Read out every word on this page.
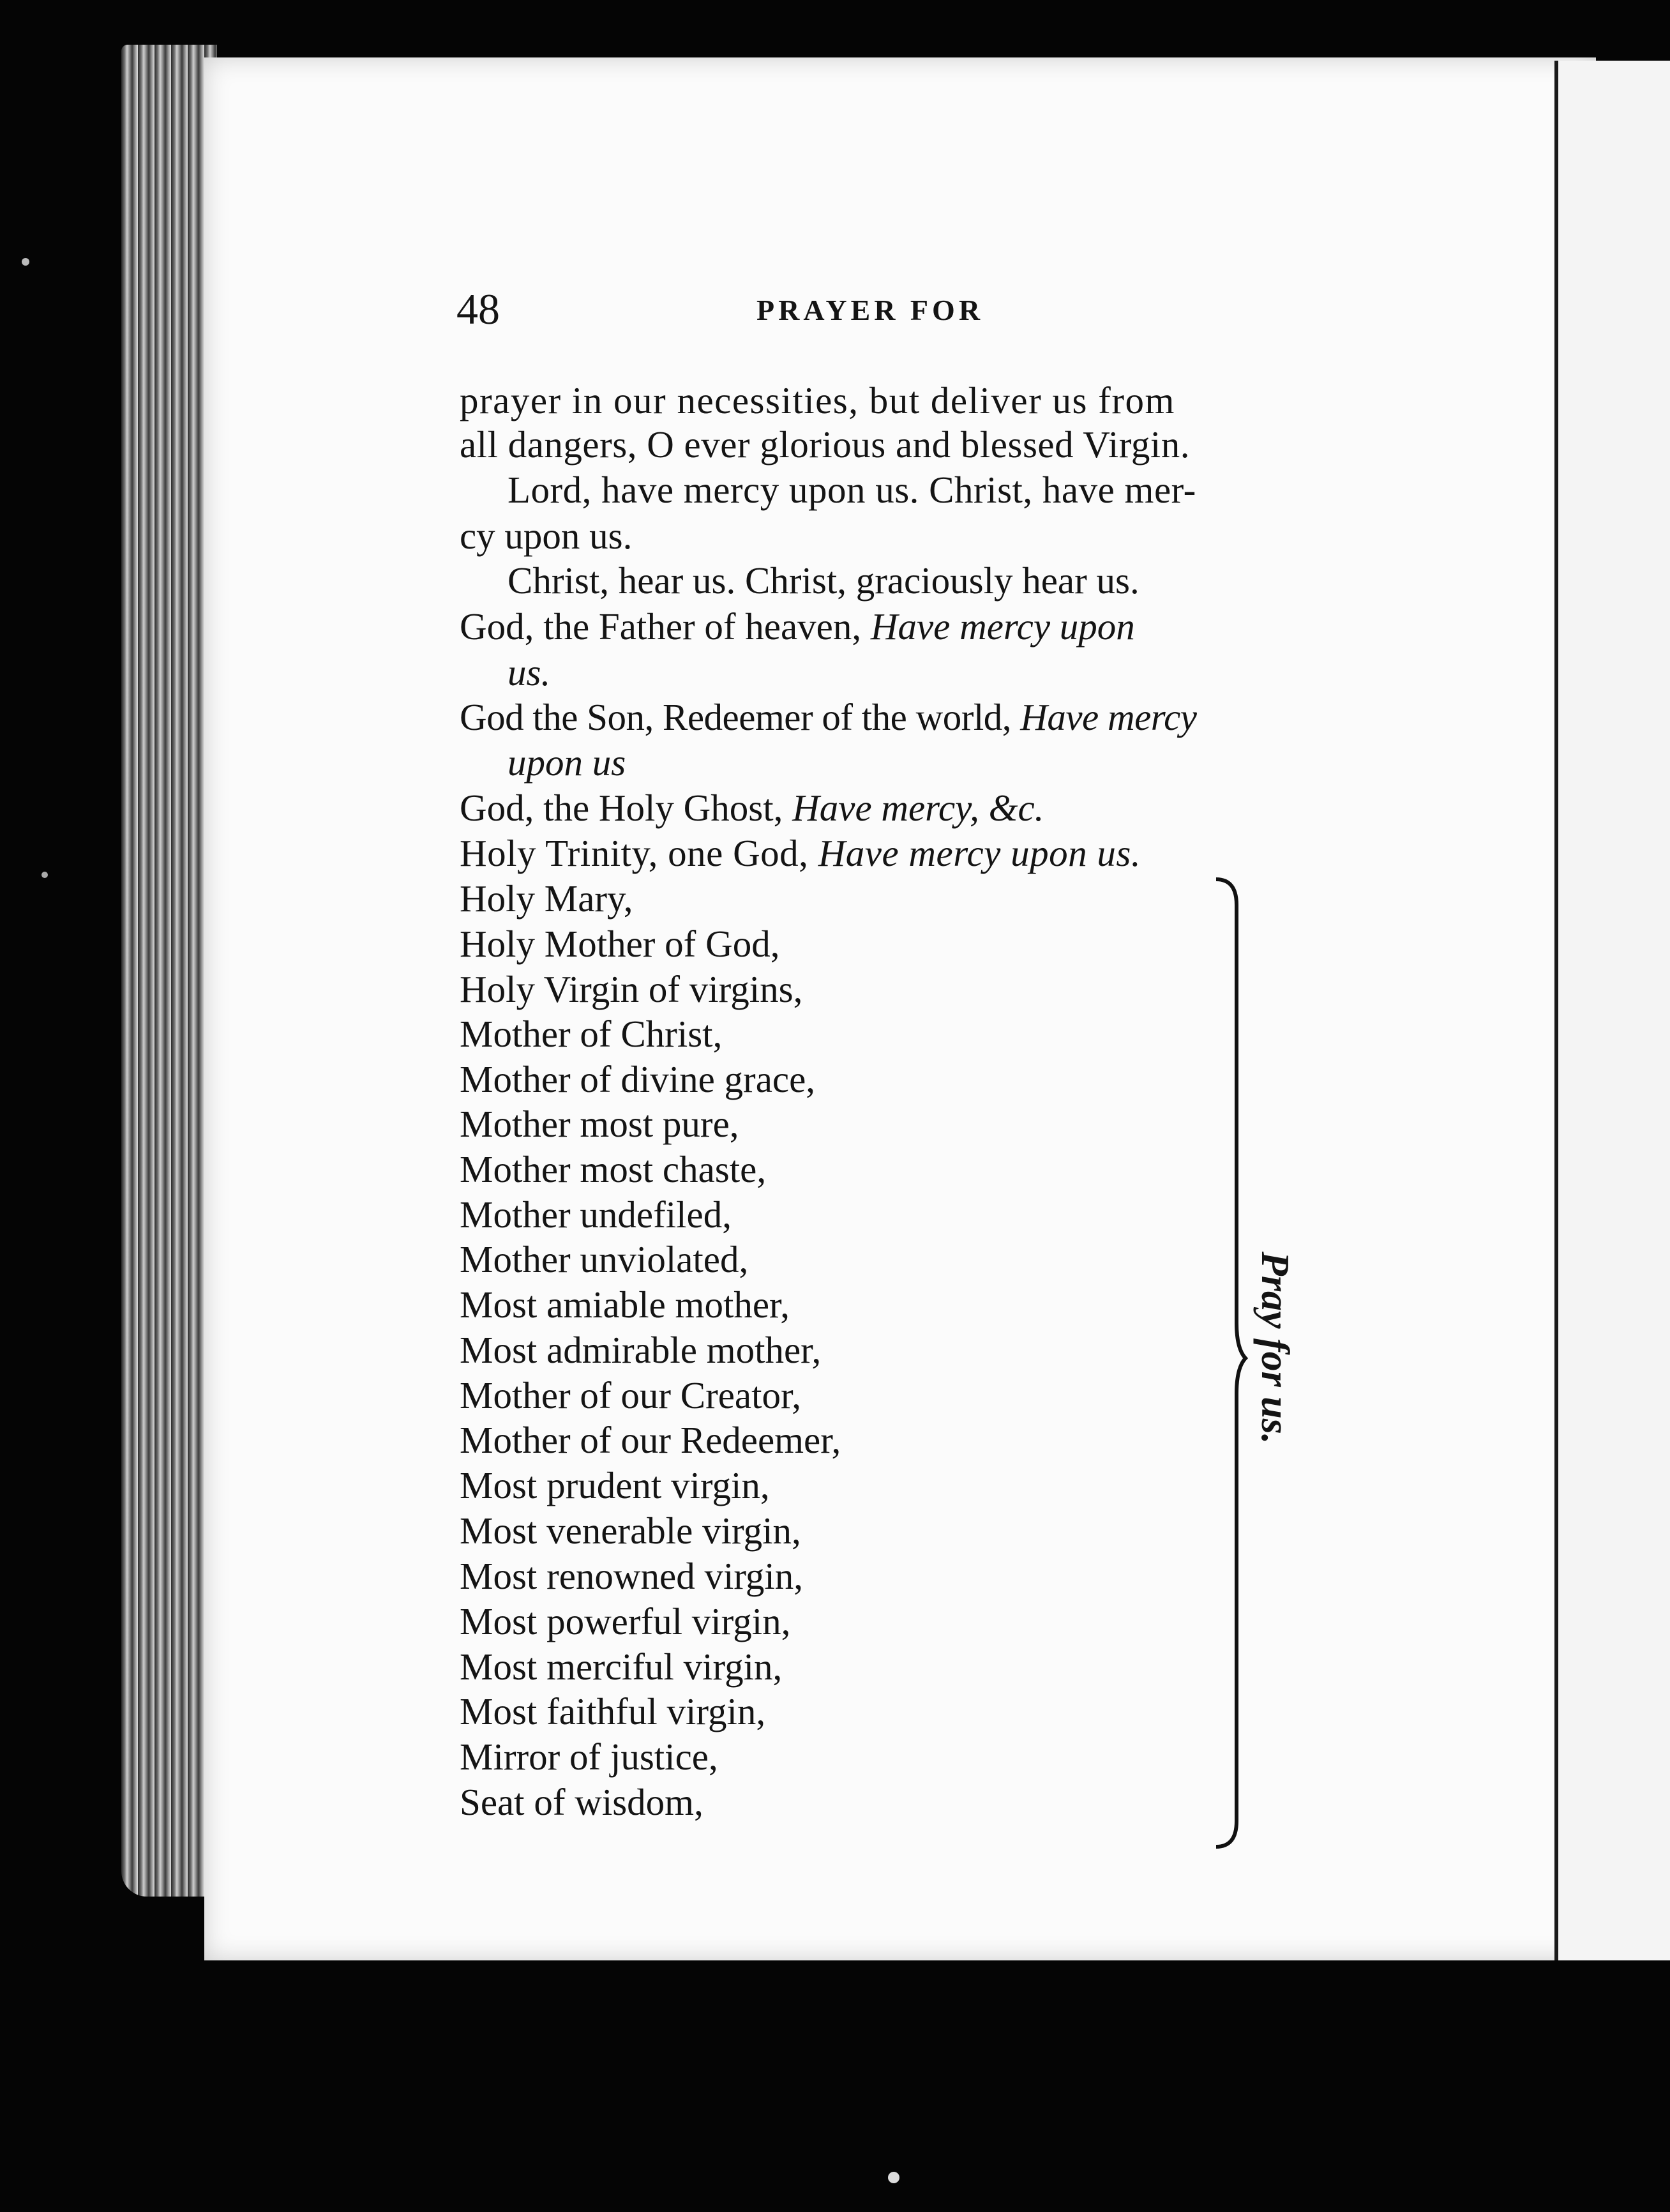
48	PRAYER FOR
prayer in our necessities, but deliver us from
all dangers, O ever glorious and blessed Virgin.
Lord, have mercy upon us. Christ, have mer-
cy upon us.
Christ, hear us. Christ, graciously hear us.
God, the Father of heaven, Have mercy upon
us.
God the Son, Redeemer of the world, Have mercy
upon us
God, the Holy Ghost, Have mercy, &c.
Holy Trinity, one God, Have mercy upon us.
Holy Mary,
Holy Mother of God,
Holy Virgin of virgins,
Mother of Christ,
Mother of divine grace,
Mother most pure,
Mother most chaste,
Mother undefiled,
Mother unviolated,
Most amiable mother,
Most admirable mother,
Mother of our Creator,
Mother of our Redeemer,
Most prudent virgin,
Most venerable virgin,
Most renowned virgin,
Most powerful virgin,
Most merciful virgin,
Most faithful virgin,
Mirror of justice,
Seat of wisdom,
Pray for us.
